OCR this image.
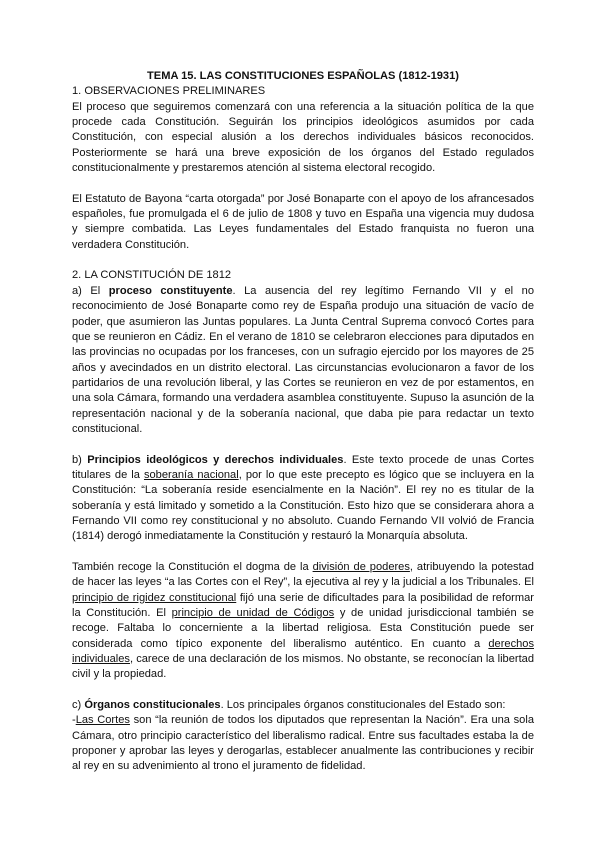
TEMA 15. LAS CONSTITUCIONES ESPAÑOLAS (1812-1931)

1. OBSERVACIONES PRELIMINARES

El proceso que seguiremos comenzará con una referencia a la situación política de la que procede cada Constitución. Seguirán los principios ideológicos asumidos por cada Constitución, con especial alusión a los derechos individuales básicos reconocidos. Posteriormente se hará una breve exposición de los órganos del Estado regulados constitucionalmente y prestaremos atención al sistema electoral recogido.

El Estatuto de Bayona “carta otorgada” por José Bonaparte con el apoyo de los afrancesados españoles, fue promulgada el 6 de julio de 1808 y tuvo en España una vigencia muy dudosa y siempre combatida. Las Leyes fundamentales del Estado franquista no fueron una verdadera Constitución.

2. LA CONSTITUCIÓN DE 1812

a) El proceso constituyente. La ausencia del rey legítimo Fernando VII y el no reconocimiento de José Bonaparte como rey de España produjo una situación de vacío de poder, que asumieron las Juntas populares. La Junta Central Suprema convocó Cortes para que se reunieron en Cádiz. En el verano de 1810 se celebraron elecciones para diputados en las provincias no ocupadas por los franceses, con un sufragio ejercido por los mayores de 25 años y avecindados en un distrito electoral. Las circunstancias evolucionaron a favor de los partidarios de una revolución liberal, y las Cortes se reunieron en vez de por estamentos, en una sola Cámara, formando una verdadera asamblea constituyente. Supuso la asunción de la representación nacional y de la soberanía nacional, que daba pie para redactar un texto constitucional.

b) Principios ideológicos y derechos individuales. Este texto procede de unas Cortes titulares de la soberanía nacional, por lo que este precepto es lógico que se incluyera en la Constitución: “La soberanía reside esencialmente en la Nación”. El rey no es titular de la soberanía y está limitado y sometido a la Constitución. Esto hizo que se considerara ahora a Fernando VII como rey constitucional y no absoluto. Cuando Fernando VII volvió de Francia (1814) derogó inmediatamente la Constitución y restauró la Monarquía absoluta.

También recoge la Constitución el dogma de la división de poderes, atribuyendo la potestad de hacer las leyes “a las Cortes con el Rey”, la ejecutiva al rey y la judicial a los Tribunales. El principio de rigidez constitucional fijó una serie de dificultades para la posibilidad de reformar la Constitución. El principio de unidad de Códigos y de unidad jurisdiccional también se recoge. Faltaba lo concerniente a la libertad religiosa. Esta Constitución puede ser considerada como típico exponente del liberalismo auténtico. En cuanto a derechos individuales, carece de una declaración de los mismos. No obstante, se reconocían la libertad civil y la propiedad.

c) Órganos constitucionales. Los principales órganos constitucionales del Estado son:
-Las Cortes son “la reunión de todos los diputados que representan la Nación”. Era una sola Cámara, otro principio característico del liberalismo radical. Entre sus facultades estaba la de proponer y aprobar las leyes y derogarlas, establecer anualmente las contribuciones y recibir al rey en su advenimiento al trono el juramento de fidelidad.
